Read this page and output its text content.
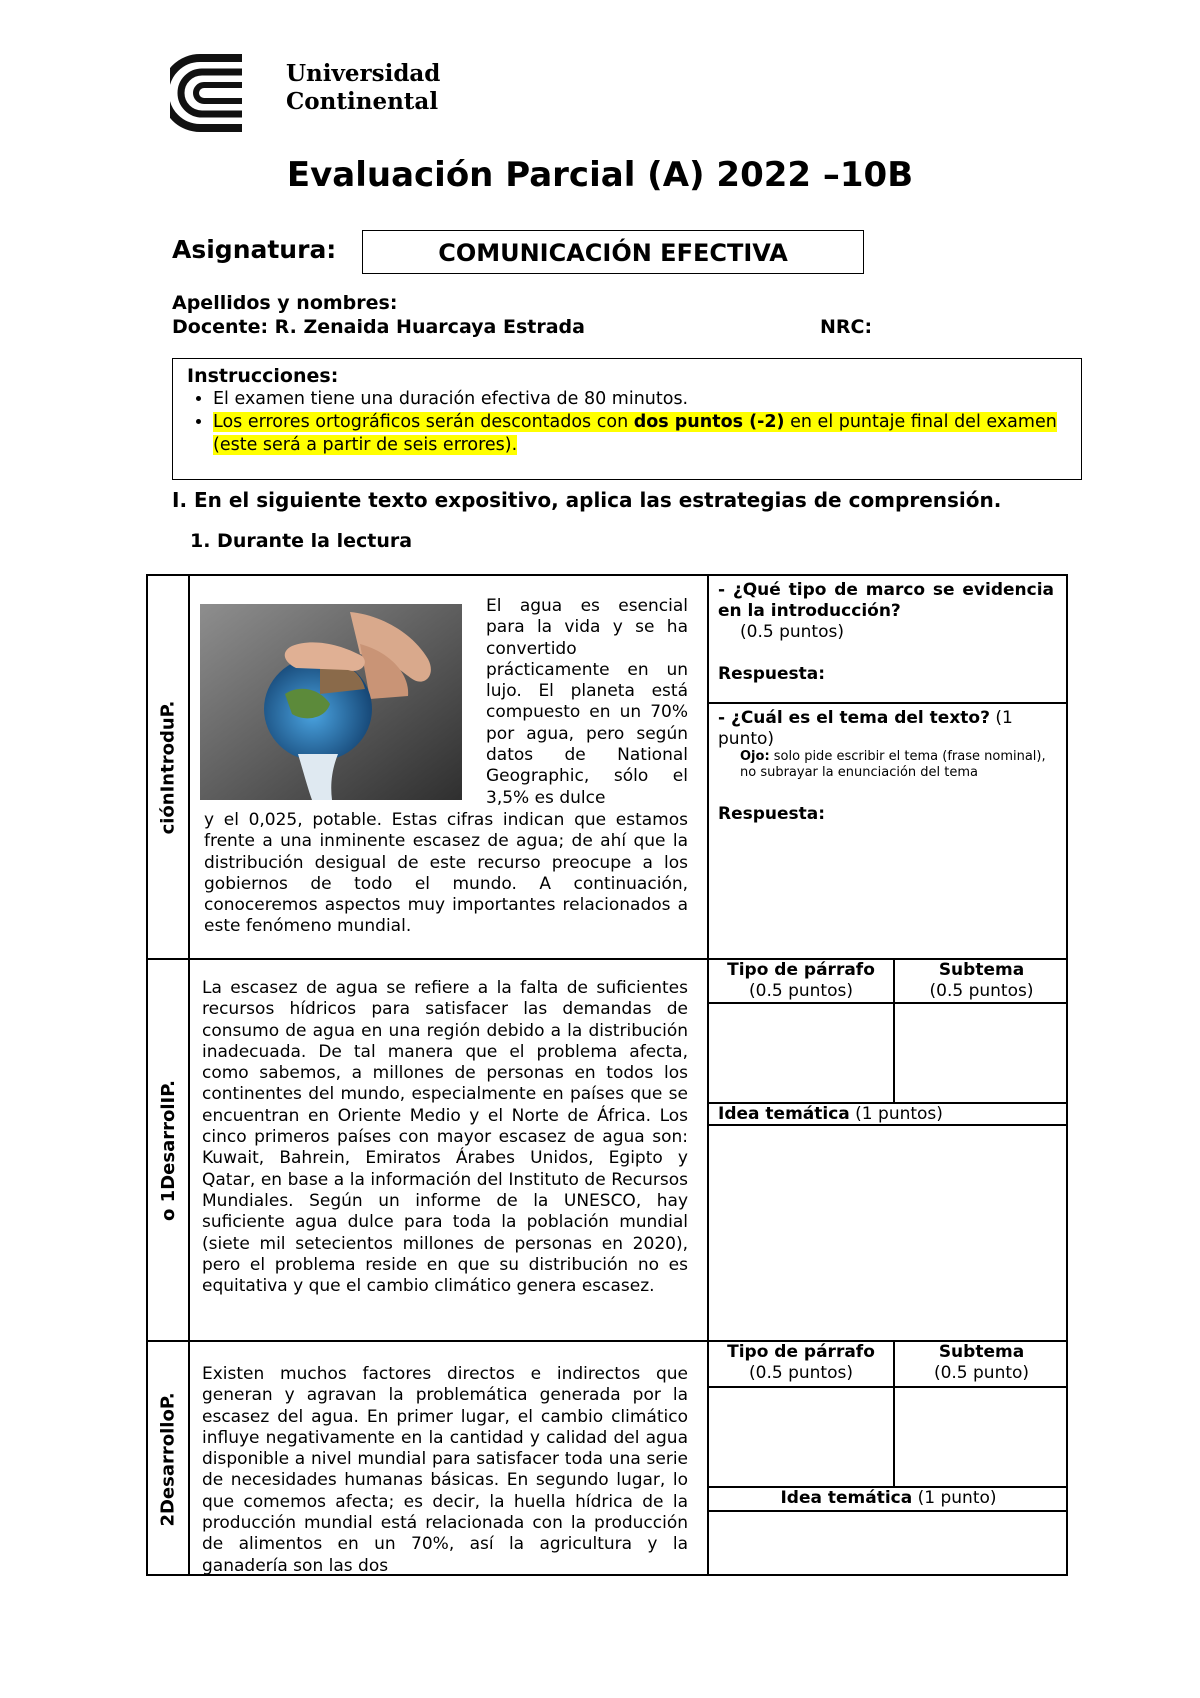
Universidad
Continental
Evaluación Parcial (A) 2022 –10B
Asignatura:	COMUNICACIÓN EFECTIVA
Apellidos y nombres:
Docente: R. Zenaida Huarcaya Estrada	NRC:
Instrucciones:
• El examen tiene una duración efectiva de 80 minutos.
• Los errores ortográficos serán descontados con dos puntos (-2) en el puntaje final del examen (este será a partir de seis errores).
I. En el siguiente texto expositivo, aplica las estrategias de comprensión.
1. Durante la lectura
ciónIntroduP.
o 1DesarrolIP.
2DesarrolloP.
El agua es esencial para la vida y se ha convertido prácticamente en un lujo. El planeta está compuesto en un 70% por agua, pero según datos de National Geographic, sólo el 3,5% es dulce
y el 0,025, potable. Estas cifras indican que estamos frente a una inminente escasez de agua; de ahí que la distribución desigual de este recurso preocupe a los gobiernos de todo el mundo. A continuación, conoceremos aspectos muy importantes relacionados a este fenómeno mundial.
- ¿Qué tipo de marco se evidencia en la introducción?
(0.5 puntos)
Respuesta:
- ¿Cuál es el tema del texto? (1 punto)
Ojo: solo pide escribir el tema (frase nominal), no subrayar la enunciación del tema
Respuesta:
La escasez de agua se refiere a la falta de suficientes recursos hídricos para satisfacer las demandas de consumo de agua en una región debido a la distribución inadecuada. De tal manera que el problema afecta, como sabemos, a millones de personas en todos los continentes del mundo, especialmente en países que se encuentran en Oriente Medio y el Norte de África. Los cinco primeros países con mayor escasez de agua son: Kuwait, Bahrein, Emiratos Árabes Unidos, Egipto y Qatar, en base a la información del Instituto de Recursos Mundiales. Según un informe de la UNESCO, hay suficiente agua dulce para toda la población mundial (siete mil setecientos millones de personas en 2020), pero el problema reside en que su distribución no es equitativa y que el cambio climático genera escasez.
Tipo de párrafo
(0.5 puntos)
Subtema
(0.5 puntos)
Idea temática (1 puntos)
Existen muchos factores directos e indirectos que generan y agravan la problemática generada por la escasez del agua. En primer lugar, el cambio climático influye negativamente en la cantidad y calidad del agua disponible a nivel mundial para satisfacer toda una serie de necesidades humanas básicas. En segundo lugar, lo que comemos afecta; es decir, la huella hídrica de la producción mundial está relacionada con la producción de alimentos en un 70%, así la agricultura y la ganadería son las dos
Tipo de párrafo
(0.5 puntos)
Subtema
(0.5 punto)
Idea temática (1 punto)
